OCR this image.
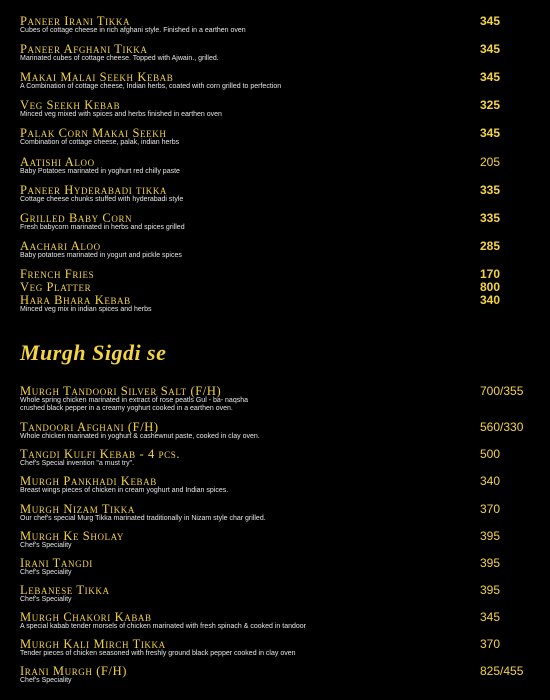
Paneer Irani Tikka
Cubes of cottage cheese in rich afghani style. Finished in a earthen oven
345
Paneer Afghani Tikka
Marinated cubes of cottage cheese. Topped with Ajwain., grilled.
345
Makai Malai Seekh Kebab
A Combination of cottage cheese, Indian herbs, coated with corn grilled to perfection
345
Veg Seekh Kebab
Minced veg mixed with spices and herbs finished in earthen oven
325
Palak Corn Makai Seekh
Combination of cottage cheese, palak, indian herbs
345
Aatishi Aloo
Baby Potatoes marinated in yoghurt red chilly paste
205
Paneer Hyderabadi tikka
Cottage cheese chunks stuffed with hyderabadi style
335
Grilled Baby Corn
Fresh babycorn marinated in herbs and spices grilled
335
Aachari Aloo
Baby potatoes marinated in yogurt and pickle spices
285
French Fries	170
Veg Platter	800
Hara Bhara Kebab
Minced veg mix in indian spices and herbs
340
Murgh Sigdi se
Murgh Tandoori Silver Salt (F/H)
Whole spring chicken marinated in extract of rose peatls Gul - ba- naqsha
crushed black pepper in a creamy yoghurt cooked in a earthen oven.
700/355
Tandoori Afghani (F/H)
Whole chicken marinated in yoghurt & cashewnut paste, cooked in clay oven.
560/330
Tangdi Kulfi Kebab - 4 pcs.
Chef's Special invention "a must try".
500
Murgh Pankhadi Kebab
Breast wings pieces of chicken in cream yoghurt and Indian spices.
340
Murgh Nizam Tikka
Our chef's special Murg Tikka marinated traditionally in Nizam style char grilled.
370
Murgh Ke Sholay
Chef's Speciality
395
Irani Tangdi
Chef's Speciality
395
Lebanese Tikka
Chef's Speciality
395
Murgh Chakori Kabab
A special kabab tender morsels of chicken marinated with fresh spinach & cooked in tandoor
345
Murgh Kali Mirch Tikka
Tender pieces of chicken seasoned with freshly ground black pepper cooked in clay oven
370
Irani Murgh (F/H)
Chef's Speciality
825/455
